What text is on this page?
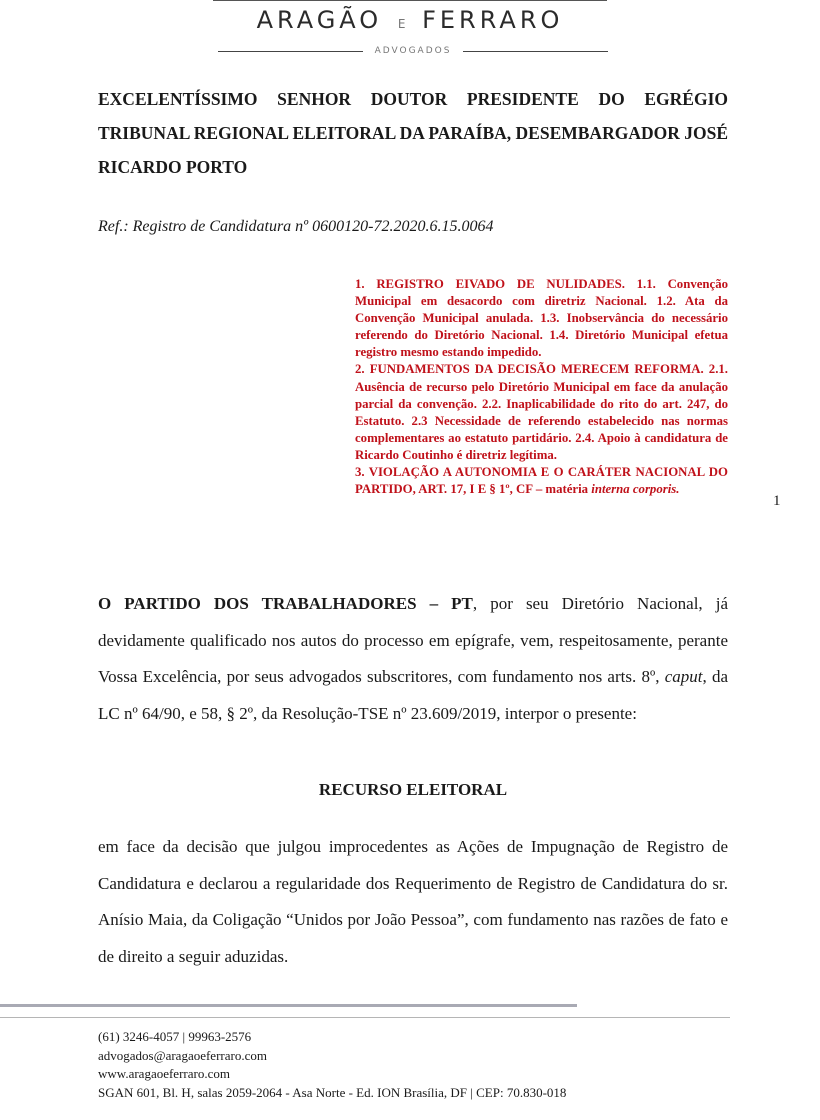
ARAGÃO E FERRARO
ADVOGADOS
EXCELENTÍSSIMO SENHOR DOUTOR PRESIDENTE DO EGRÉGIO TRIBUNAL REGIONAL ELEITORAL DA PARAÍBA, DESEMBARGADOR JOSÉ RICARDO PORTO
Ref.: Registro de Candidatura nº 0600120-72.2020.6.15.0064

1. REGISTRO EIVADO DE NULIDADES. 1.1. Convenção Municipal em desacordo com diretriz Nacional. 1.2. Ata da Convenção Municipal anulada. 1.3. Inobservância do necessário referendo do Diretório Nacional. 1.4. Diretório Municipal efetua registro mesmo estando impedido.

2. FUNDAMENTOS DA DECISÃO MERECEM REFORMA. 2.1. Ausência de recurso pelo Diretório Municipal em face da anulação parcial da convenção. 2.2. Inaplicabilidade do rito do art. 247, do Estatuto. 2.3 Necessidade de referendo estabelecido nas normas complementares ao estatuto partidário. 2.4. Apoio à candidatura de Ricardo Coutinho é diretriz legítima.

3. VIOLAÇÃO A AUTONOMIA E O CARÁTER NACIONAL DO PARTIDO, ART. 17, I E § 1º, CF – matéria interna corporis.

1

O PARTIDO DOS TRABALHADORES – PT, por seu Diretório Nacional, já devidamente qualificado nos autos do processo em epígrafe, vem, respeitosamente, perante Vossa Excelência, por seus advogados subscritores, com fundamento nos arts. 8º, caput, da LC nº 64/90, e 58, § 2º, da Resolução-TSE nº 23.609/2019, interpor o presente:

RECURSO ELEITORAL

em face da decisão que julgou improcedentes as Ações de Impugnação de Registro de Candidatura e declarou a regularidade dos Requerimento de Registro de Candidatura do sr. Anísio Maia, da Coligação “Unidos por João Pessoa”, com fundamento nas razões de fato e de direito a seguir aduzidas.

(61) 3246-4057 | 99963-2576
advogados@aragaoeferraro.com
www.aragaoeferraro.com
SGAN 601, Bl. H, salas 2059-2064 - Asa Norte - Ed. ION Brasília, DF | CEP: 70.830-018
